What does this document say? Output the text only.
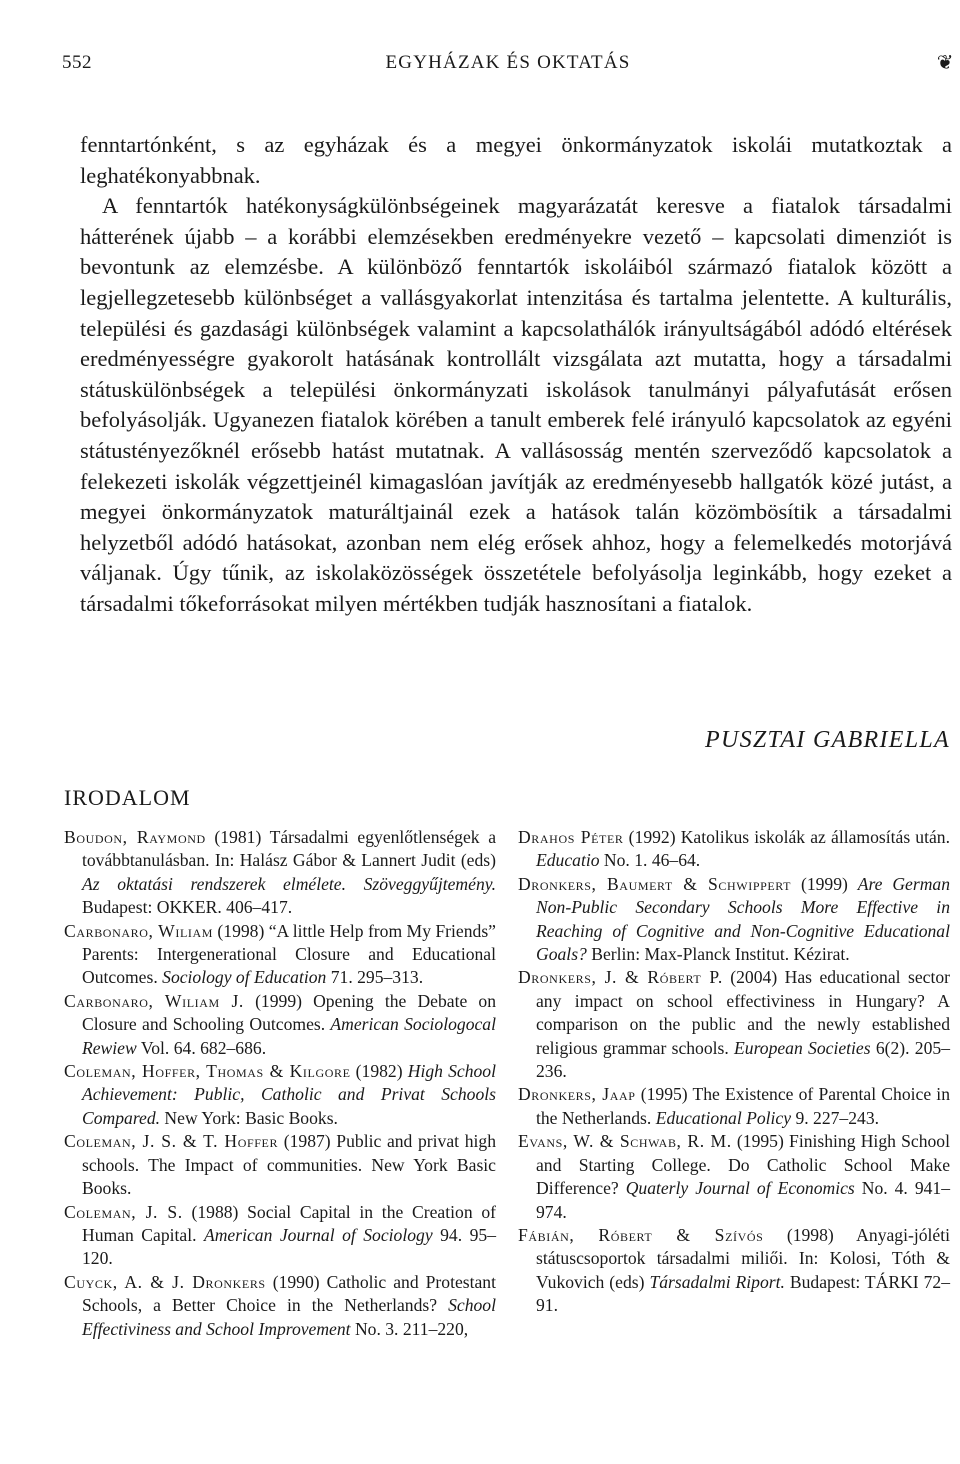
552	EGYHÁZAK ÉS OKTATÁS	❦

fenntartónként, s az egyházak és a megyei önkormányzatok iskolái mutatkoztak a leghatékonyabbnak.

A fenntartók hatékonyságkülönbségeinek magyarázatát keresve a fiatalok társadalmi hátterének újabb – a korábbi elemzésekben eredményekre vezető – kapcsolati dimenziót is bevontunk az elemzésbe. A különböző fenntartók iskoláiból származó fiatalok között a legjellegzetesebb különbséget a vallásgyakorlat intenzitása és tartalma jelentette. A kulturális, települési és gazdasági különbségek valamint a kapcsolathálók irányultságából adódó eltérések eredményességre gyakorolt hatásának kontrollált vizsgálata azt mutatta, hogy a társadalmi státuskülönbségek a települési önkormányzati iskolások tanulmányi pályafutását erősen befolyásolják. Ugyanezen fiatalok körében a tanult emberek felé irányuló kapcsolatok az egyéni státustényezőknél erősebb hatást mutatnak. A vallásosság mentén szerveződő kapcsolatok a felekezeti iskolák végzettjeinél kimagaslóan javítják az eredményesebb hallgatók közé jutást, a megyei önkormányzatok maturáltjainál ezek a hatások talán közömbösítik a társadalmi helyzetből adódó hatásokat, azonban nem elég erősek ahhoz, hogy a felemelkedés motorjává váljanak. Úgy tűnik, az iskolaközösségek összetétele befolyásolja leginkább, hogy ezeket a társadalmi tőkeforrásokat milyen mértékben tudják hasznosítani a fiatalok.

PUSZTAI GABRIELLA
IRODALOM

Boudon, Raymond (1981) Társadalmi egyenlőtlenségek a továbbtanulásban. In: Halász Gábor & Lannert Judit (eds) Az oktatási rendszerek elmélete. Szöveggyűjtemény. Budapest: OKKER. 406–417.

Carbonaro, Wiliam (1998) “A little Help from My Friends” Parents: Intergenerational Closure and Educational Outcomes. Sociology of Education 71. 295–313.

Carbonaro, Wiliam J. (1999) Opening the Debate on Closure and Schooling Outcomes. American Sociologocal Rewiew Vol. 64. 682–686.

Coleman, Hoffer, Thomas & Kilgore (1982) High School Achievement: Public, Catholic and Privat Schools Compared. New York: Basic Books.

Coleman, J. S. & T. Hoffer (1987) Public and privat high schools. The Impact of communities. New York Basic Books.

Coleman, J. S. (1988) Social Capital in the Creation of Human Capital. American Journal of Sociology 94. 95–120.

Cuyck, A. & J. Dronkers (1990) Catholic and Protestant Schools, a Better Choice in the Netherlands? School Effectiviness and School Improvement No. 3. 211–220,

Drahos Péter (1992) Katolikus iskolák az államosítás után. Educatio No. 1. 46–64.

Dronkers, Baumert & Schwippert (1999) Are German Non-Public Secondary Schools More Effective in Reaching of Cognitive and Non-Cognitive Educational Goals? Berlin: Max-Planck Institut. Kézirat.

Dronkers, J. & Róbert P. (2004) Has educational sector any impact on school effectiviness in Hungary? A comparison on the public and the newly established religious grammar schools. European Societies 6(2). 205–236.

Dronkers, Jaap (1995) The Existence of Parental Choice in the Netherlands. Educational Policy 9. 227–243.

Evans, W. & Schwab, R. M. (1995) Finishing High School and Starting College. Do Catholic School Make Difference? Quaterly Journal of Economics No. 4. 941–974.

Fábián, Róbert & Szívós (1998) Anyagi-jóléti státuscsoportok társadalmi miliői. In: Kolosi, Tóth & Vukovich (eds) Társadalmi Riport. Budapest: TÁRKI 72–91.
